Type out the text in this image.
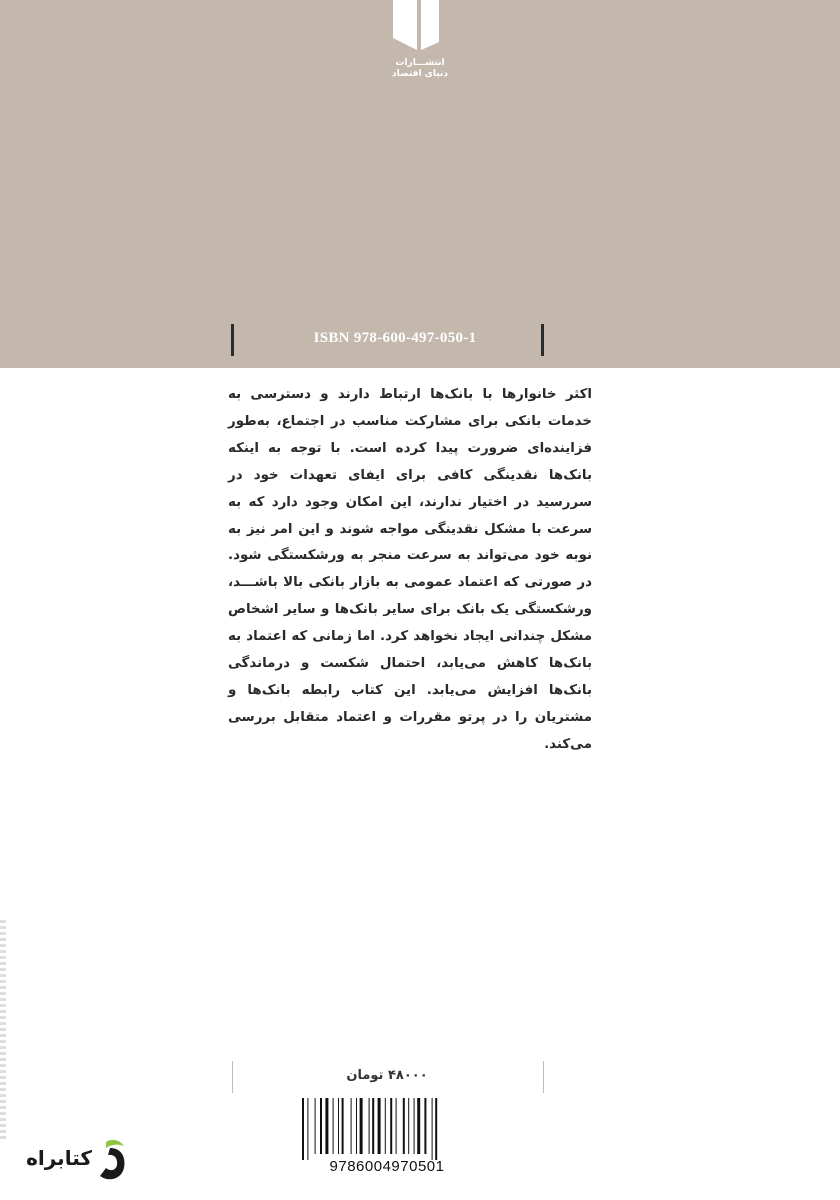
انتشـــارات
دنیای اقتصاد
ISBN 978-600-497-050-1
اکثر خانوارها با بانک‌ها ارتباط دارند و دسترسی به خدمات بانکی برای مشارکت مناسب در اجتماع، به‌طور فزاینده‌ای ضرورت پیدا کرده است. با توجه به اینکه بانک‌ها نقدینگی کافی برای ایفای تعهدات خود در سررسید در اختیار ندارند، این امکان وجود دارد که به سرعت با مشکل نقدینگی مواجه شوند و این امر نیز به نوبه خود می‌تواند به سرعت منجر به ورشکستگی شود. در صورتی که اعتماد عمومی به بازار بانکی بالا باشـــد، ورشکستگی یک بانک برای سایر بانک‌ها و سایر اشخاص مشکل چندانی ایجاد نخواهد کرد. اما زمانی که اعتماد به بانک‌ها کاهش می‌یابد، احتمال شکست و درماندگی بانک‌ها افزایش می‌یابد. این کتاب رابطه بانک‌ها و مشتریان را در پرتو مقررات و اعتماد متقابل بررسی می‌کند.
۴۸۰۰۰ تومان
9786004970501
کتابراه
